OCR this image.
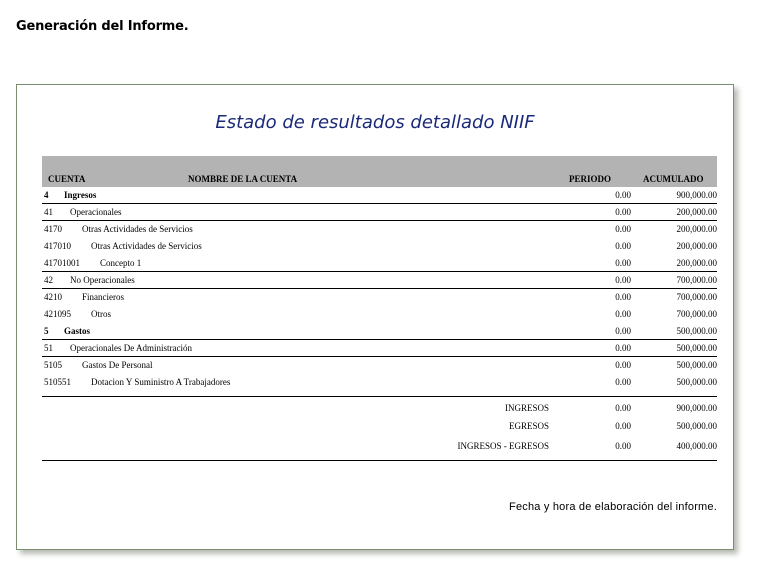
Generación del Informe.
Estado de resultados detallado NIIF
CUENTA	NOMBRE DE LA CUENTA	PERIODO	ACUMULADO
4 Ingresos	0.00	900,000.00
41 Operacionales	0.00	200,000.00
4170 Otras Actividades de Servicios	0.00	200,000.00
417010 Otras Actividades de Servicios	0.00	200,000.00
41701001 Concepto 1	0.00	200,000.00
42 No Operacionales	0.00	700,000.00
4210 Financieros	0.00	700,000.00
421095 Otros	0.00	700,000.00
5 Gastos	0.00	500,000.00
51 Operacionales De Administración	0.00	500,000.00
5105 Gastos De Personal	0.00	500,000.00
510551 Dotacion Y Suministro A Trabajadores	0.00	500,000.00
INGRESOS	0.00	900,000.00
EGRESOS	0.00	500,000.00
INGRESOS - EGRESOS	0.00	400,000.00
Fecha y hora de elaboración del informe.
